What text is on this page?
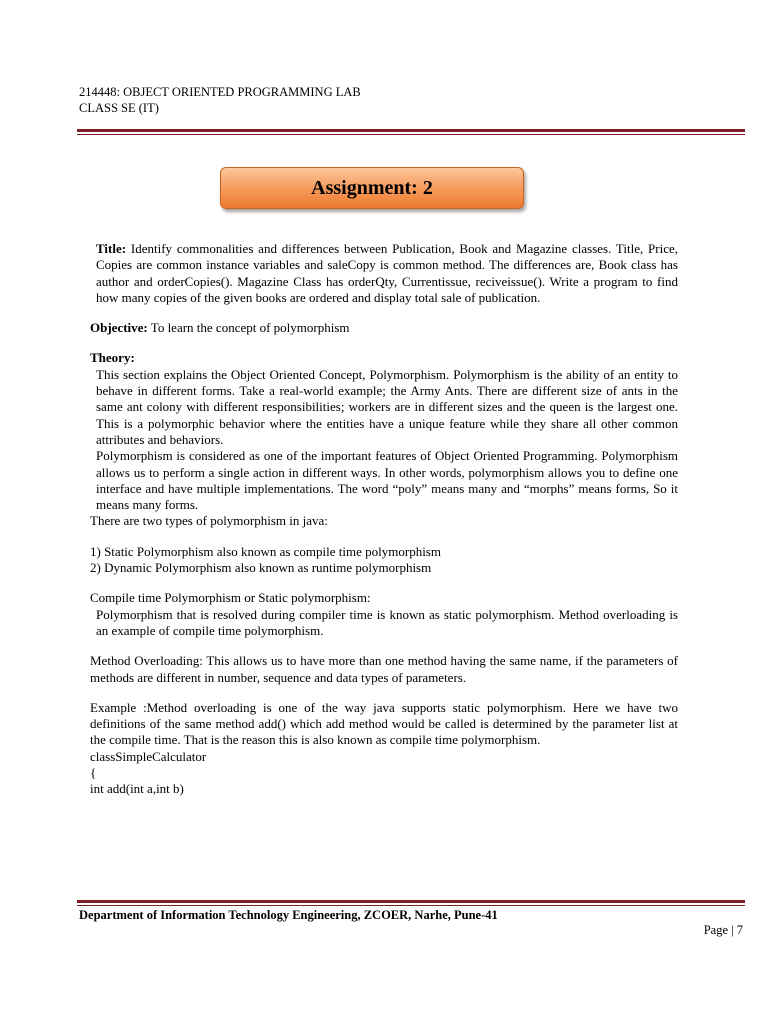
214448: OBJECT ORIENTED PROGRAMMING LAB
CLASS SE (IT)
Assignment: 2

Title: Identify commonalities and differences between Publication, Book and Magazine classes. Title, Price, Copies are common instance variables and saleCopy is common method. The differences are, Book class has author and orderCopies(). Magazine Class has orderQty, Currentissue, reciveissue(). Write a program to find how many copies of the given books are ordered and display total sale of publication.

Objective: To learn the concept of polymorphism

Theory:

This section explains the Object Oriented Concept, Polymorphism. Polymorphism is the ability of an entity to behave in different forms. Take a real-world example; the Army Ants. There are different size of ants in the same ant colony with different responsibilities; workers are in different sizes and the queen is the largest one. This is a polymorphic behavior where the entities have a unique feature while they share all other common attributes and behaviors.

Polymorphism is considered as one of the important features of Object Oriented Programming. Polymorphism allows us to perform a single action in different ways. In other words, polymorphism allows you to define one interface and have multiple implementations. The word “poly” means many and “morphs” means forms, So it means many forms.

There are two types of polymorphism in java:

1) Static Polymorphism also known as compile time polymorphism

2) Dynamic Polymorphism also known as runtime polymorphism

Compile time Polymorphism or Static polymorphism:

Polymorphism that is resolved during compiler time is known as static polymorphism. Method overloading is an example of compile time polymorphism.

Method Overloading: This allows us to have more than one method having the same name, if the parameters of methods are different in number, sequence and data types of parameters.

Example :Method overloading is one of the way java supports static polymorphism. Here we have two definitions of the same method add() which add method would be called is determined by the parameter list at the compile time. That is the reason this is also known as compile time polymorphism.

classSimpleCalculator
{
int add(int a,int b)
Department of Information Technology Engineering, ZCOER, Narhe, Pune-41
Page | 7
